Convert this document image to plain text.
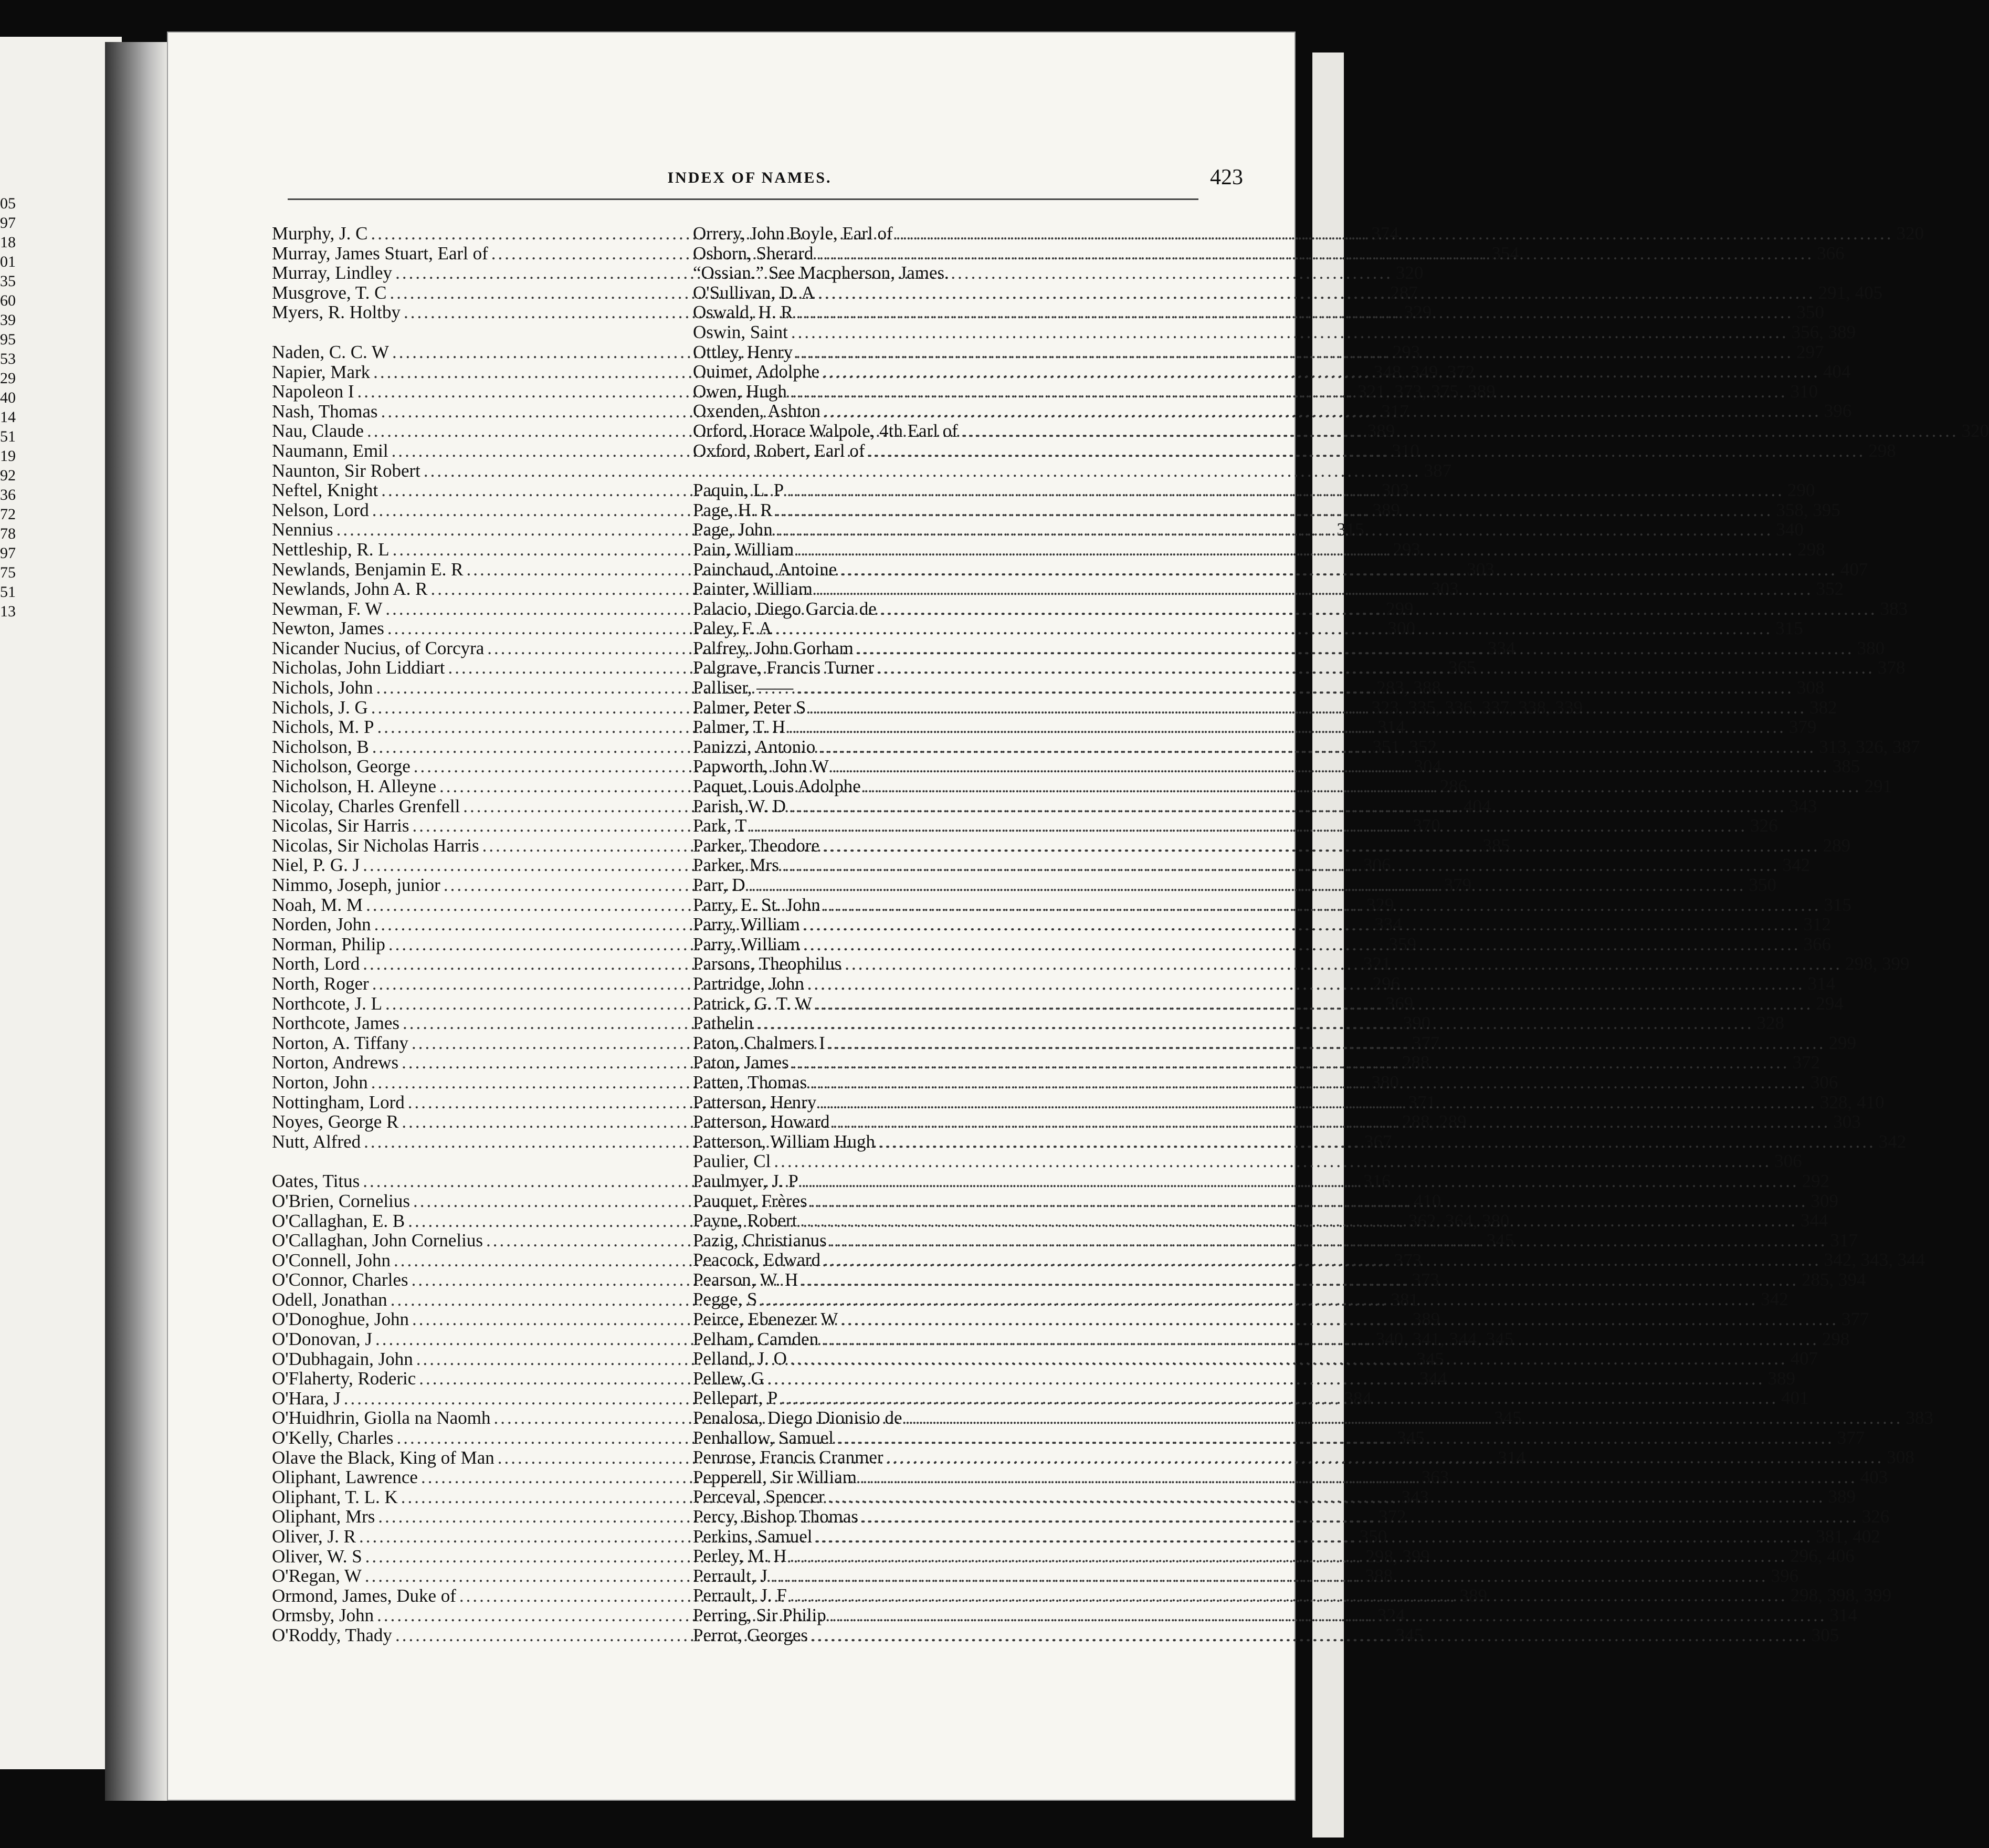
05
97
18
01
35
60
39
95
53
29
40
14
51
19
92
36
72
78
97
75
51
13
INDEX OF NAMES.	423
Murphy, J. C .....	374
Murray, James Stuart, Earl of .....	354
Murray, Lindley .....	320
Musgrove, T. C .....	287
Myers, R. Holtby .....	329
Naden, C. C. W .....	293
Napier, Mark .....	348, 349, 372
Napoleon I .....	321, 373, 375, 389
Nash, Thomas .....	317
Nau, Claude .....	389
Naumann, Emil .....	310
Naunton, Sir Robert .....	387
Neftel, Knight .....	303
Nelson, Lord .....	389
Nennius .....	315
Nettleship, R. L .....	293
Newlands, Benjamin E. R .....	303
Newlands, John A. R .....	303
Newman, F. W .....	299
Newton, James .....	300
Nicander Nucius, of Corcyra .....	334
Nicholas, John Liddiart .....	365
Nichols, John .....	283, 388
Nichols, J. G .....	323, 335, 336, 337, 338, 339
Nichols, M. P .....	314
Nicholson, B .....	351, 352
Nicholson, George .....	304
Nicholson, H. Alleyne .....	286
Nicolay, Charles Grenfell .....	404
Nicolas, Sir Harris .....	370
Nicolas, Sir Nicholas Harris .....	385
Niel, P. G. J .....	306
Nimmo, Joseph, junior .....	379
Noah, M. M .....	329
Norden, John .....	334
Norman, Philip .....	359
North, Lord .....	321
North, Roger .....	296
Northcote, J. L .....	369
Northcote, James .....	390
Norton, A. Tiffany .....	377
Norton, Andrews .....	288
Norton, John .....	380
Nottingham, Lord .....	371
Noyes, George R .....	288, 289
Nutt, Alfred .....	367
Oates, Titus .....	316
O'Brien, Cornelius .....	410
O'Callaghan, E. B .....	362, 364, 380
O'Callaghan, John Cornelius .....	345
O'Connell, John .....	373
O'Connor, Charles .....	373
Odell, Jonathan .....	381
O'Donoghue, John .....	389
O'Donovan, J .....	340, 341, 344, 345
O'Dubhagain, John .....	345
O'Flaherty, Roderic .....	344
O'Hara, J .....	384
O'Huidhrin, Giolla na Naomh .....	345
O'Kelly, Charles .....	345
Olave the Black, King of Man .....	314
Oliphant, Lawrence .....	363
Oliphant, T. L. K .....	343
Oliphant, Mrs .....	372
Oliver, J. R .....	350
Oliver, W. S .....	298, 399
O'Regan, W .....	388
Ormond, James, Duke of .....	389
Ormsby, John .....	324
O'Roddy, Thady .....	345
Orrery, John Boyle, Earl of .....	320
Osborn, Sherard .....	366
“Ossian.” See Macpherson, James.
O'Sullivan, D. A .....	291, 405
Oswald, H. R .....	350
Oswin, Saint .....	356, 389
Ottley, Henry .....	297
Ouimet, Adolphe .....	404
Owen, Hugh .....	310
Oxenden, Ashton .....	396
Orford, Horace Walpole, 4th Earl of .....	320
Oxford, Robert, Earl of .....	298
Paquin, L. P .....	290
Page, H. R .....	358, 395
Page, John .....	340
Pain, William .....	298
Painchaud, Antoine .....	407
Painter, William .....	352
Palacio, Diego Garcia de .....	383
Paley, F. A .....	315
Palfrey, John Gorham .....	380
Palgrave, Francis Turner .....	378
Palliser, —— .....	308
Palmer, Peter S .....	382
Palmer, T. H .....	379
Panizzi, Antonio .....	313, 326, 387
Papworth, John W .....	385
Paquet, Louis Adolphe .....	291
Parish, W. D .....	343
Park, T .....	326
Parker, Theodore .....	289
Parker, Mrs .....	342
Parr, D .....	350
Parry, E. St. John .....	315
Parry, William .....	312
Parry, William .....	366
Parsons, Theophilus .....	298, 399
Partridge, John .....	314
Patrick, G. T. W .....	294
Pathelin .....	328
Paton, Chalmers I .....	299
Paton, James .....	372
Patten, Thomas .....	306
Patterson, Henry .....	328, 410
Patterson, Howard .....	303
Patterson, William Hugh .....	342
Paulier, Cl .....	306
Paulmyer, J. P .....	292
Pauquet, Frères .....	309
Payne, Robert .....	344
Pazig, Christianus .....	317
Peacock, Edward .....	342, 343, 344
Pearson, W. H .....	285, 394
Pegge, S .....	342
Peirce, Ebenezer W .....	377
Pelham, Camden .....	298
Pelland, J. O .....	407
Pellew, G .....	389
Pellepart, P .....	401
Penalosa, Diego Dionisio de .....	383
Penhallow, Samuel .....	377
Penrose, Francis Cranmer .....	308
Pepperell, Sir William .....	403
Perceval, Spencer .....	389
Percy, Bishop Thomas .....	326
Perkins, Samuel .....	381, 402
Perley, M. H .....	296, 406
Perrault, J .....	396
Perrault, J. F .....	298, 398, 399
Perring, Sir Philip .....	314
Perrot, Georges .....	305
